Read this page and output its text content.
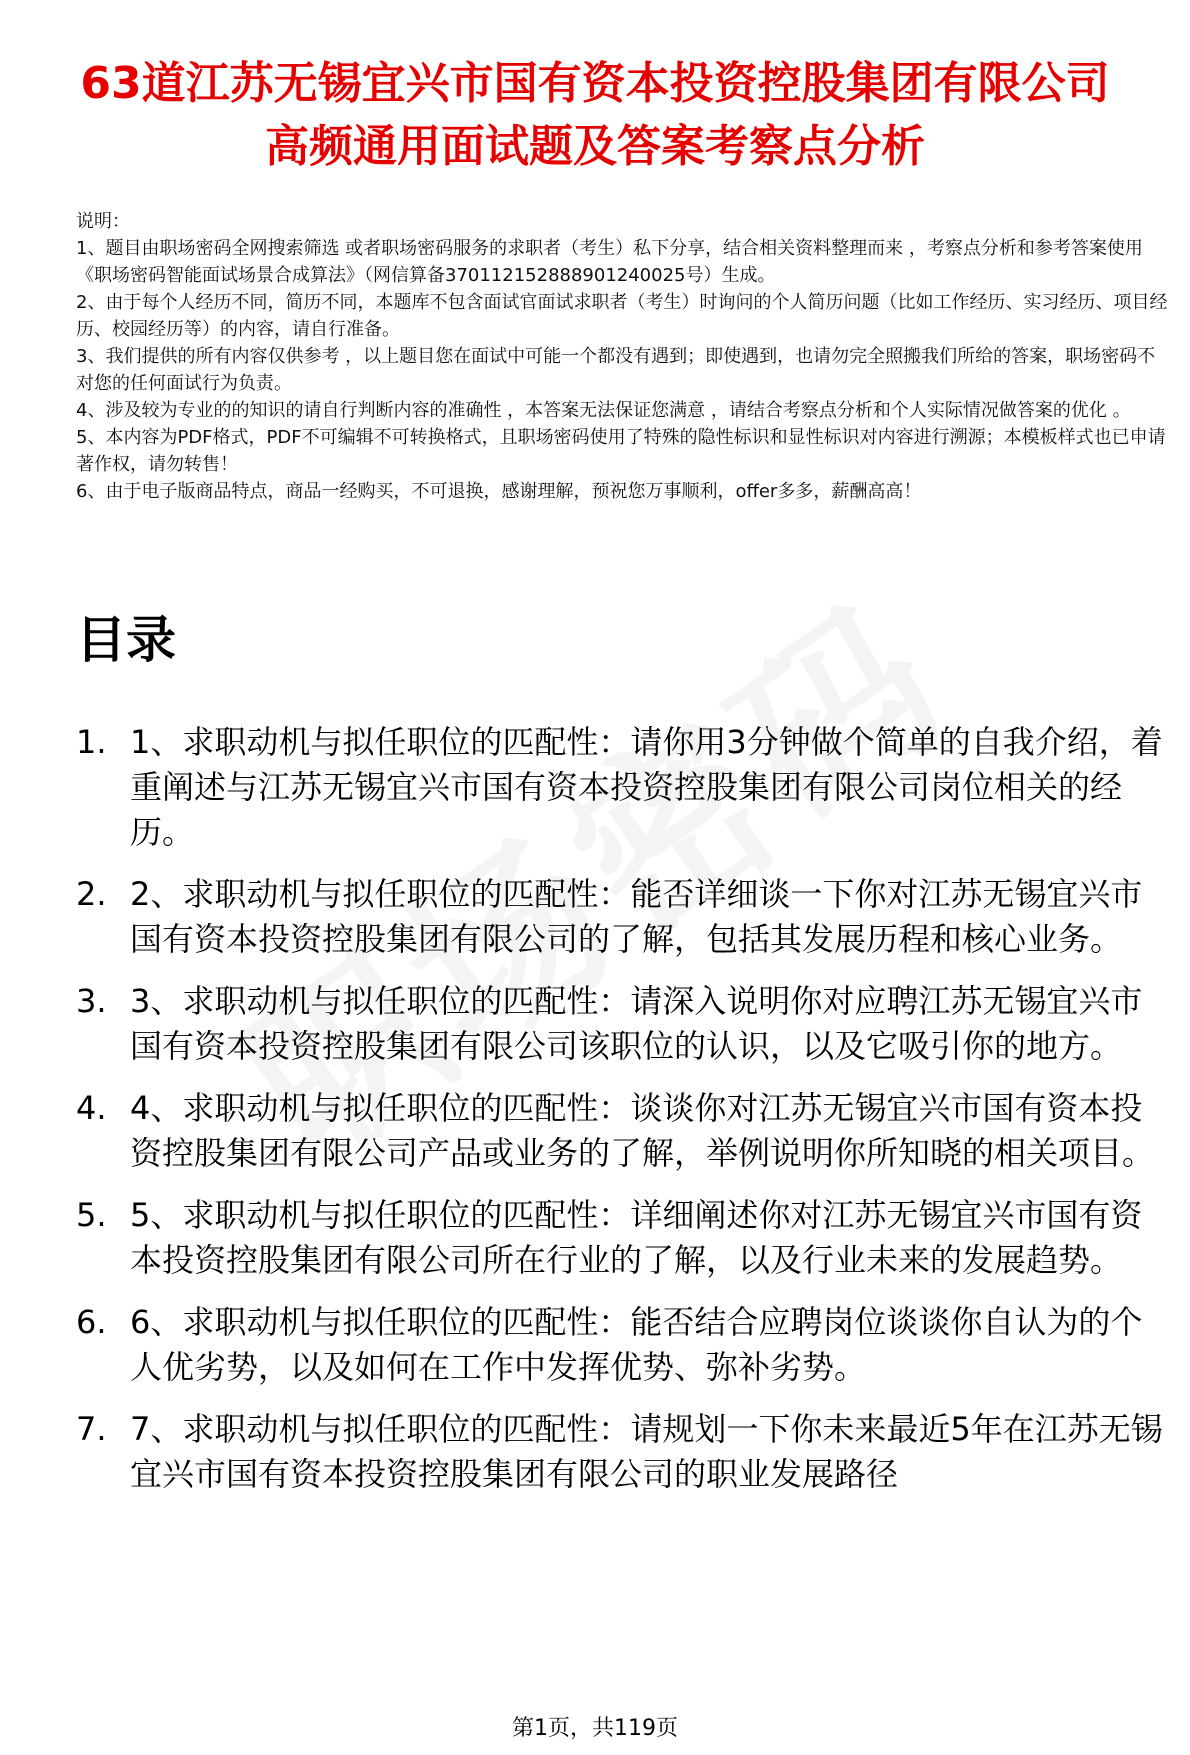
63道江苏无锡宜兴市国有资本投资控股集团有限公司高频通用面试题及答案考察点分析

说明：

1、题目由职场密码全网搜索筛选 或者职场密码服务的求职者（考生）私下分享，结合相关资料整理而来 ，考察点分析和参考答案使用《职场密码智能面试场景合成算法》（网信算备370112152888901240025号）生成。

2、由于每个人经历不同，简历不同，本题库不包含面试官面试求职者（考生）时询问的个人简历问题（比如工作经历、实习经历、项目经历、校园经历等）的内容，请自行准备。

3、我们提供的所有内容仅供参考 ，以上题目您在面试中可能一个都没有遇到；即使遇到，也请勿完全照搬我们所给的答案，职场密码不对您的任何面试行为负责。

4、涉及较为专业的的知识的请自行判断内容的准确性 ，本答案无法保证您满意 ，请结合考察点分析和个人实际情况做答案的优化 。

5、本内容为PDF格式，PDF不可编辑不可转换格式，且职场密码使用了特殊的隐性标识和显性标识对内容进行溯源；本模板样式也已申请著作权，请勿转售！

6、由于电子版商品特点，商品一经购买，不可退换，感谢理解，预祝您万事顺利，offer多多，薪酬高高！

目录
1. 1、求职动机与拟任职位的匹配性：请你用3分钟做个简单的自我介绍，着重阐述与江苏无锡宜兴市国有资本投资控股集团有限公司岗位相关的经历。
2. 2、求职动机与拟任职位的匹配性：能否详细谈一下你对江苏无锡宜兴市国有资本投资控股集团有限公司的了解，包括其发展历程和核心业务。
3. 3、求职动机与拟任职位的匹配性：请深入说明你对应聘江苏无锡宜兴市国有资本投资控股集团有限公司该职位的认识，以及它吸引你的地方。
4. 4、求职动机与拟任职位的匹配性：谈谈你对江苏无锡宜兴市国有资本投资控股集团有限公司产品或业务的了解，举例说明你所知晓的相关项目。
5. 5、求职动机与拟任职位的匹配性：详细阐述你对江苏无锡宜兴市国有资本投资控股集团有限公司所在行业的了解，以及行业未来的发展趋势。
6. 6、求职动机与拟任职位的匹配性：能否结合应聘岗位谈谈你自认为的个人优劣势，以及如何在工作中发挥优势、弥补劣势。
7. 7、求职动机与拟任职位的匹配性：请规划一下你未来最近5年在江苏无锡宜兴市国有资本投资控股集团有限公司的职业发展路径
第1页，共119页
